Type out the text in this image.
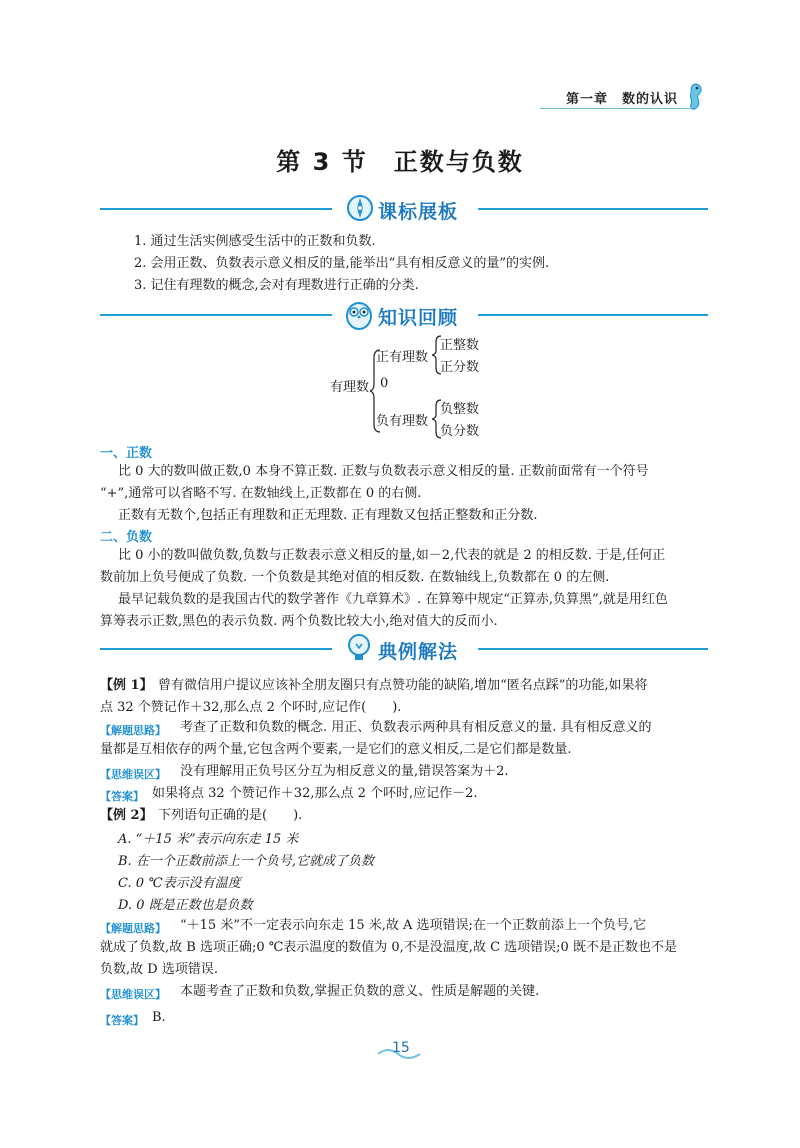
第一章　数的认识
第 3 节　正数与负数
课标展板
1. 通过生活实例感受生活中的正数和负数.
2. 会用正数、负数表示意义相反的量,能举出“具有相反意义的量”的实例.
3. 记住有理数的概念,会对有理数进行正确的分类.
知识回顾
有理数
正有理数
0
负有理数
正整数
正分数
负整数
负分数
一、正数
比 0 大的数叫做正数,0 本身不算正数. 正数与负数表示意义相反的量. 正数前面常有一个符号
“+”,通常可以省略不写. 在数轴线上,正数都在 0 的右侧.
正数有无数个,包括正有理数和正无理数. 正有理数又包括正整数和正分数.
二、负数
比 0 小的数叫做负数,负数与正数表示意义相反的量,如－2,代表的就是 2 的相反数. 于是,任何正
数前加上负号便成了负数. 一个负数是其绝对值的相反数. 在数轴线上,负数都在 0 的左侧.
最早记载负数的是我国古代的数学著作《九章算术》. 在算筹中规定“正算赤,负算黑”,就是用红色
算筹表示正数,黑色的表示负数. 两个负数比较大小,绝对值大的反而小.
典例解法
【例 1】 曾有微信用户提议应该补全朋友圈只有点赞功能的缺陷,增加“匿名点踩”的功能,如果将
点 32 个赞记作＋32,那么点 2 个吥时,应记作(　　).
【解题思路】 考查了正数和负数的概念. 用正、负数表示两种具有相反意义的量. 具有相反意义的
量都是互相依存的两个量,它包含两个要素,一是它们的意义相反,二是它们都是数量.
【思维误区】 没有理解用正负号区分互为相反意义的量,错误答案为＋2.
【答案】 如果将点 32 个赞记作＋32,那么点 2 个吥时,应记作－2.
【例 2】 下列语句正确的是(　　).
A. “＋15 米”表示向东走 15 米
B. 在一个正数前添上一个负号,它就成了负数
C. 0 ℃表示没有温度
D. 0 既是正数也是负数
【解题思路】 “＋15 米”不一定表示向东走 15 米,故 A 选项错误;在一个正数前添上一个负号,它
就成了负数,故 B 选项正确;0 ℃表示温度的数值为 0,不是没温度,故 C 选项错误;0 既不是正数也不是
负数,故 D 选项错误.
【思维误区】 本题考查了正数和负数,掌握正负数的意义、性质是解题的关键.
【答案】 B.
15
